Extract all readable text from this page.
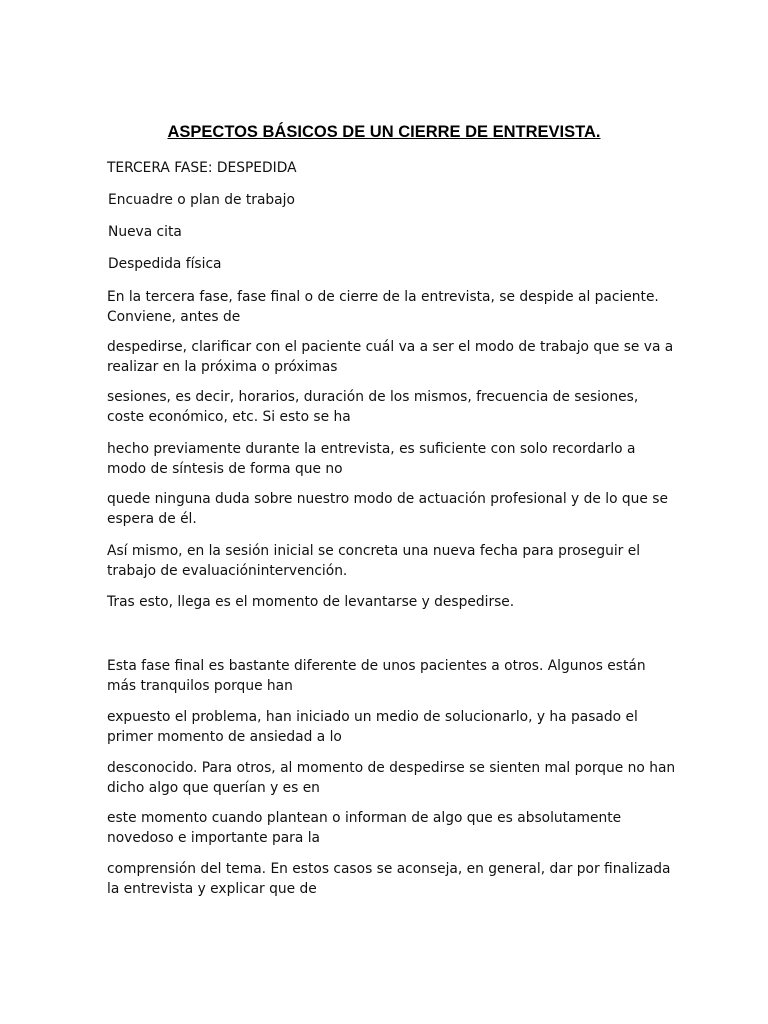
ASPECTOS BÁSICOS DE UN CIERRE DE ENTREVISTA.

TERCERA FASE: DESPEDIDA

Encuadre o plan de trabajo

Nueva cita

Despedida física

En la tercera fase, fase final o de cierre de la entrevista, se despide al paciente. Conviene, antes de

despedirse, clarificar con el paciente cuál va a ser el modo de trabajo que se va a realizar en la próxima o próximas

sesiones, es decir, horarios, duración de los mismos, frecuencia de sesiones, coste económico, etc. Si esto se ha

hecho previamente durante la entrevista, es suficiente con solo recordarlo a modo de síntesis de forma que no

quede ninguna duda sobre nuestro modo de actuación profesional y de lo que se espera de él.

Así mismo, en la sesión inicial se concreta una nueva fecha para proseguir el trabajo de evaluaciónintervención.

Tras esto, llega es el momento de levantarse y despedirse.

Esta fase final es bastante diferente de unos pacientes a otros. Algunos están más tranquilos porque han

expuesto el problema, han iniciado un medio de solucionarlo, y ha pasado el primer momento de ansiedad a lo

desconocido. Para otros, al momento de despedirse se sienten mal porque no han dicho algo que querían y es en

este momento cuando plantean o informan de algo que es absolutamente novedoso e importante para la

comprensión del tema. En estos casos se aconseja, en general, dar por finalizada la entrevista y explicar que de
